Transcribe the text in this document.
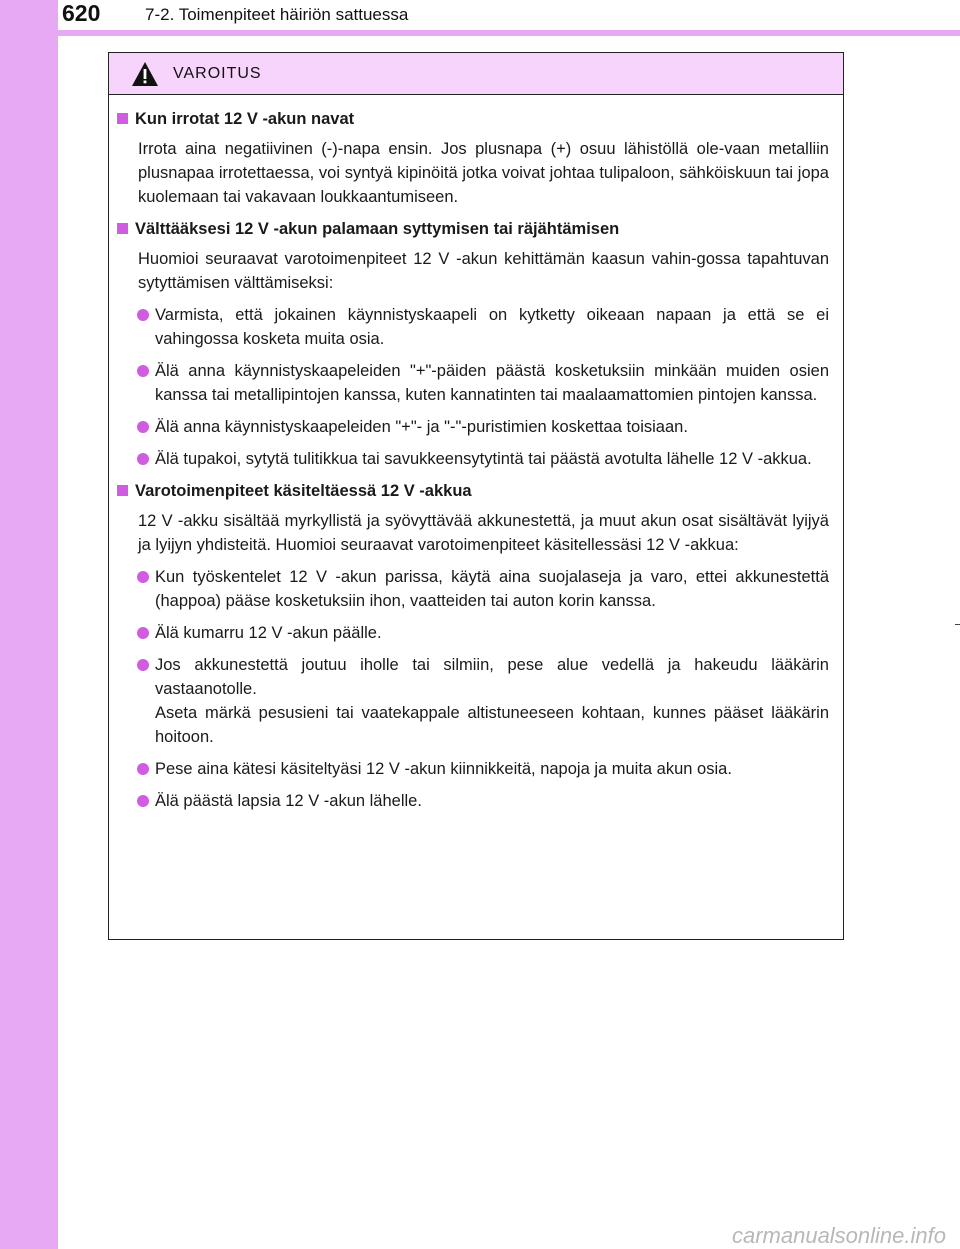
620	7-2. Toimenpiteet häiriön sattuessa
VAROITUS
Kun irrotat 12 V -akun navat
Irrota aina negatiivinen (-)-napa ensin. Jos plusnapa (+) osuu lähistöllä ole-vaan metalliin plusnapaa irrotettaessa, voi syntyä kipinöitä jotka voivat johtaa tulipaloon, sähköiskuun tai jopa kuolemaan tai vakavaan loukkaantumiseen.
Välttääksesi 12 V -akun palamaan syttymisen tai räjähtämisen
Huomioi seuraavat varotoimenpiteet 12 V -akun kehittämän kaasun vahin-gossa tapahtuvan sytyttämisen välttämiseksi:
Varmista, että jokainen käynnistyskaapeli on kytketty oikeaan napaan ja että se ei vahingossa kosketa muita osia.
Älä anna käynnistyskaapeleiden "+"-päiden päästä kosketuksiin minkään muiden osien kanssa tai metallipintojen kanssa, kuten kannatinten tai maalaamattomien pintojen kanssa.
Älä anna käynnistyskaapeleiden "+"- ja "-"-puristimien koskettaa toisiaan.
Älä tupakoi, sytytä tulitikkua tai savukkeensytytintä tai päästä avotulta lähelle 12 V -akkua.
Varotoimenpiteet käsiteltäessä 12 V -akkua
12 V -akku sisältää myrkyllistä ja syövyttävää akkunestettä, ja muut akun osat sisältävät lyijyä ja lyijyn yhdisteitä. Huomioi seuraavat varotoimenpiteet käsitellessäsi 12 V -akkua:
Kun työskentelet 12 V -akun parissa, käytä aina suojalaseja ja varo, ettei akkunestettä (happoa) pääse kosketuksiin ihon, vaatteiden tai auton korin kanssa.
Älä kumarru 12 V -akun päälle.
Jos akkunestettä joutuu iholle tai silmiin, pese alue vedellä ja hakeudu lääkärin vastaanotolle.
Aseta märkä pesusieni tai vaatekappale altistuneeseen kohtaan, kunnes pääset lääkärin hoitoon.
Pese aina kätesi käsiteltyäsi 12 V -akun kiinnikkeitä, napoja ja muita akun osia.
Älä päästä lapsia 12 V -akun lähelle.
carmanualsonline.info
